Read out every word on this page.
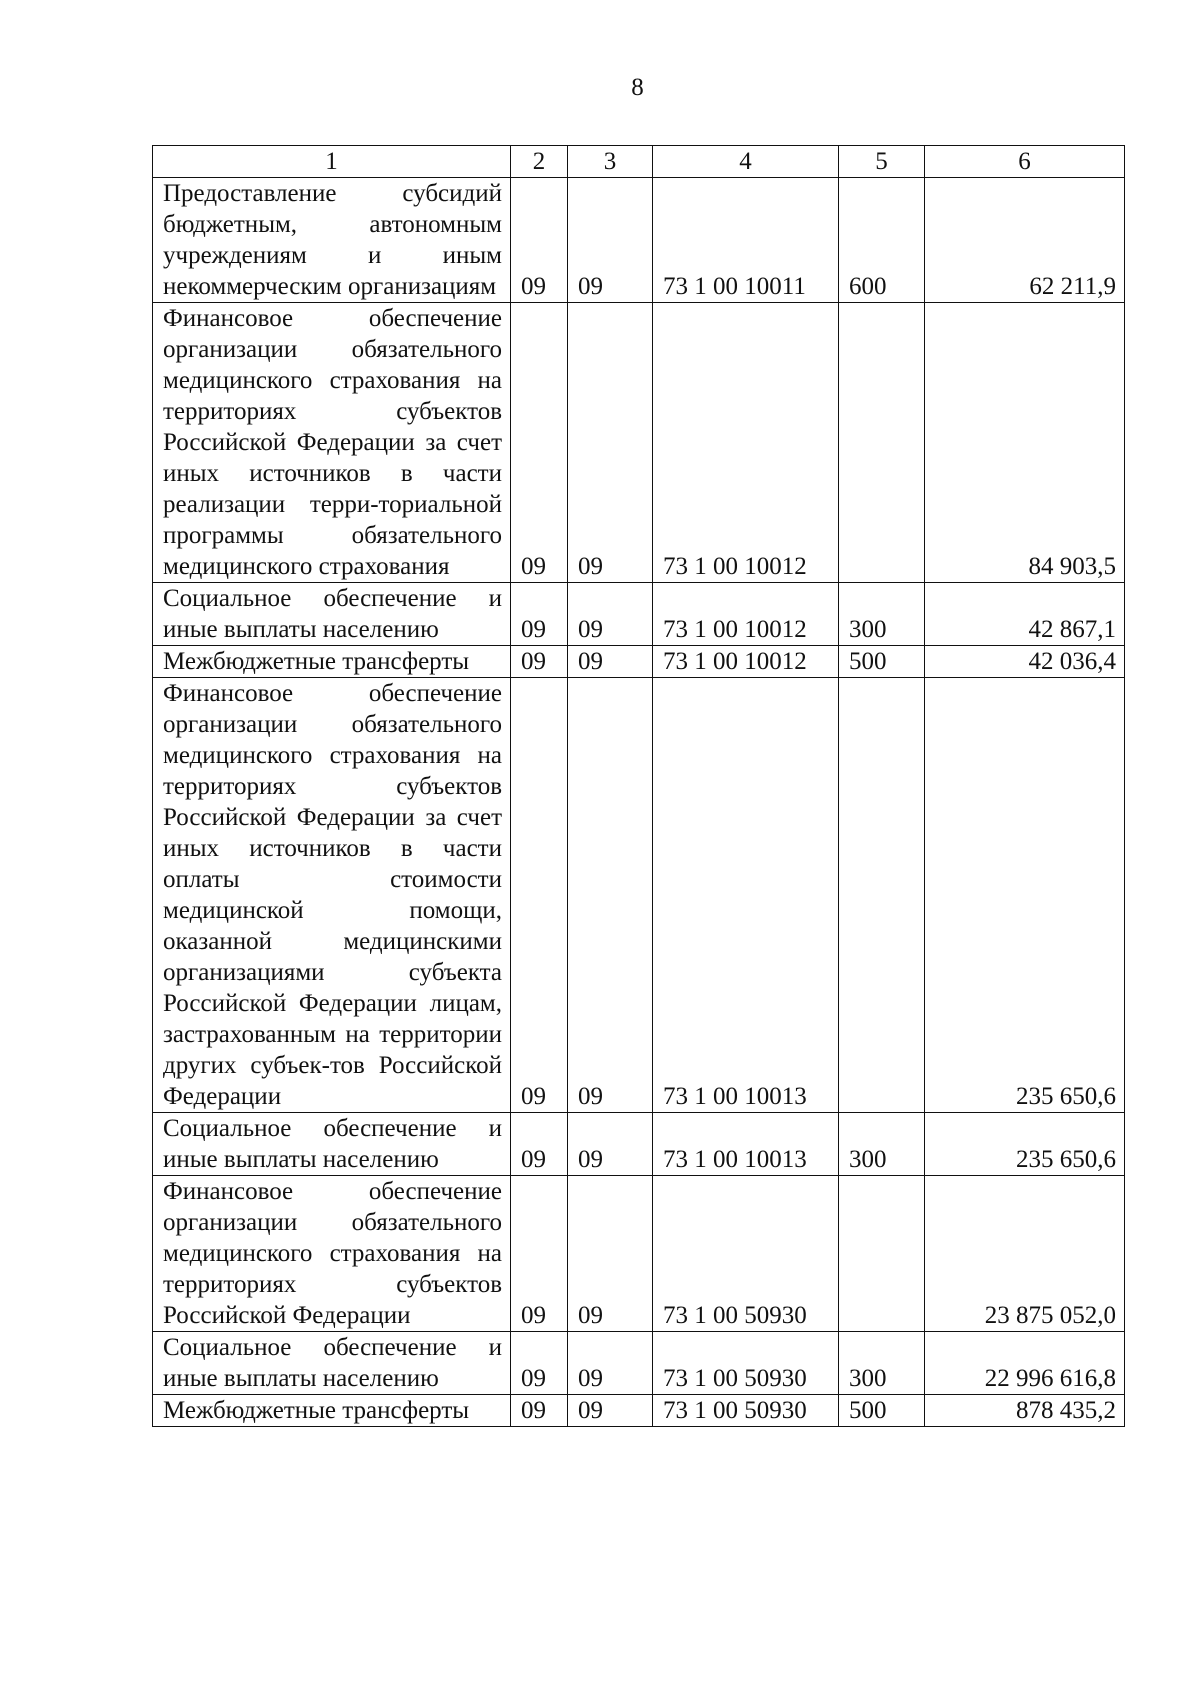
8
1	2	3	4	5	6
Предоставление субсидий бюджетным, автономным учреждениям и иным некоммерческим организациям	09	09	73 1 00 10011	600	62 211,9
Финансовое обеспечение организации обязательного медицинского страхования на территориях субъектов Российской Федерации за счет иных источников в части реализации терри-ториальной программы обязательного медицинского страхования	09	09	73 1 00 10012		84 903,5
Социальное обеспечение и иные выплаты населению	09	09	73 1 00 10012	300	42 867,1
Межбюджетные трансферты	09	09	73 1 00 10012	500	42 036,4
Финансовое обеспечение организации обязательного медицинского страхования на территориях субъектов Российской Федерации за счет иных источников в части оплаты стоимости медицинской помощи, оказанной медицинскими организациями субъекта Российской Федерации лицам, застрахованным на территории других субъек-тов Российской Федерации	09	09	73 1 00 10013		235 650,6
Социальное обеспечение и иные выплаты населению	09	09	73 1 00 10013	300	235 650,6
Финансовое обеспечение организации обязательного медицинского страхования на территориях субъектов Российской Федерации	09	09	73 1 00 50930		23 875 052,0
Социальное обеспечение и иные выплаты населению	09	09	73 1 00 50930	300	22 996 616,8
Межбюджетные трансферты	09	09	73 1 00 50930	500	878 435,2
